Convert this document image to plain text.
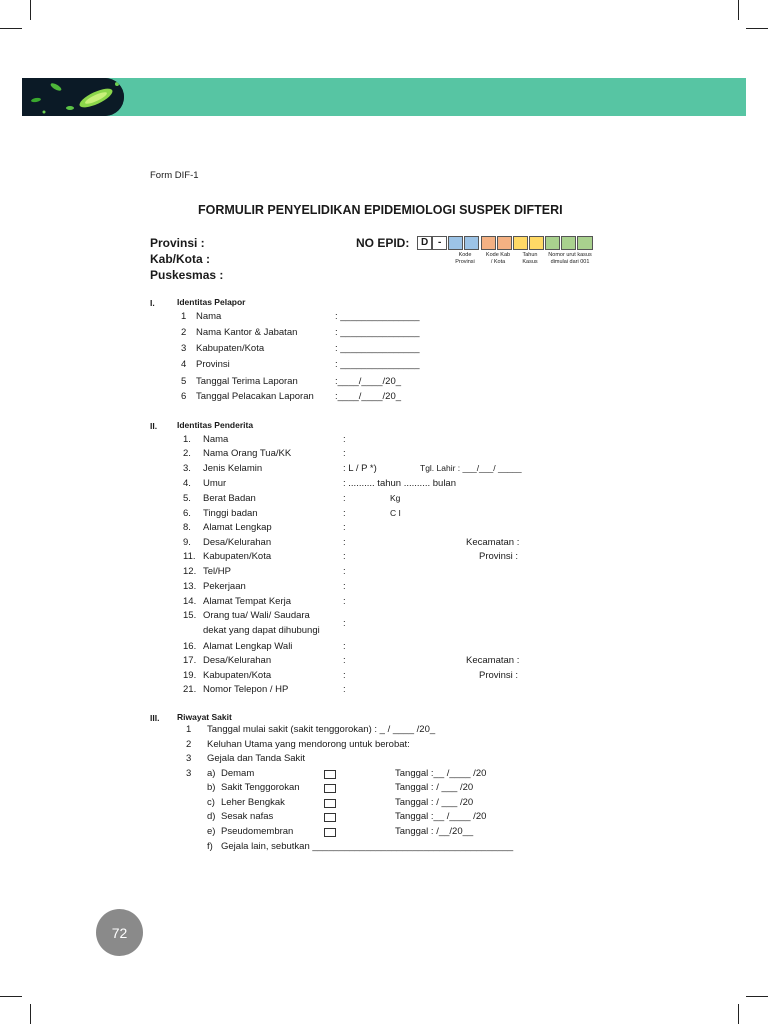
Form DIF-1
FORMULIR PENYELIDIKAN EPIDEMIOLOGI SUSPEK DIFTERI
Provinsi :
Kab/Kota :
Puskesmas :
NO EPID: D -
Kode Provinsi
Kode Kab / Kota
Tahun Kasus
Nomor urut kasus dimulai dari 001
I.	Identitas Pelapor
1 Nama	: _______________
2 Nama Kantor & Jabatan	: _______________
3 Kabupaten/Kota	: _______________
4 Provinsi	: _______________
5 Tanggal Terima Laporan	:____/____/20_
6 Tanggal Pelacakan Laporan :____/____/20_
II. Identitas Penderita
1. Nama	:
2. Nama Orang Tua/KK	:
3. Jenis Kelamin	: L / P *)	Tgl. Lahir : ___/___/ _____
4. Umur	: .......... tahun .......... bulan
5. Berat Badan	:	Kg
6. Tinggi badan	:	C Ι
8. Alamat Lengkap	:
9. Desa/Kelurahan	:	Kecamatan :
11. Kabupaten/Kota	:	Provinsi :
12. Tel/HP	:
13. Pekerjaan	:
14. Alamat Tempat Kerja	:
15. Orang tua/ Wali/ Saudara
dekat yang dapat dihubungi
:
16. Alamat Lengkap Wali	:
17. Desa/Kelurahan	:	Kecamatan :
19. Kabupaten/Kota	:	Provinsi :
21. Nomor Telepon / HP	:
III. Riwayat Sakit
1 Tanggal mulai sakit (sakit tenggorokan) : _ / ____ /20_
2 Keluhan Utama yang mendorong untuk berobat:
3 Gejala dan Tanda Sakit
3 a) Demam	Tanggal :__ /____ /20
b) Sakit Tenggorokan	Tanggal : / ___ /20
c) Leher Bengkak	Tanggal : / ___ /20
d) Sesak nafas	Tanggal :__ /____ /20
e) Pseudomembran	Tanggal : /__/20__
f) Gejala lain, sebutkan ______________________________________
72
